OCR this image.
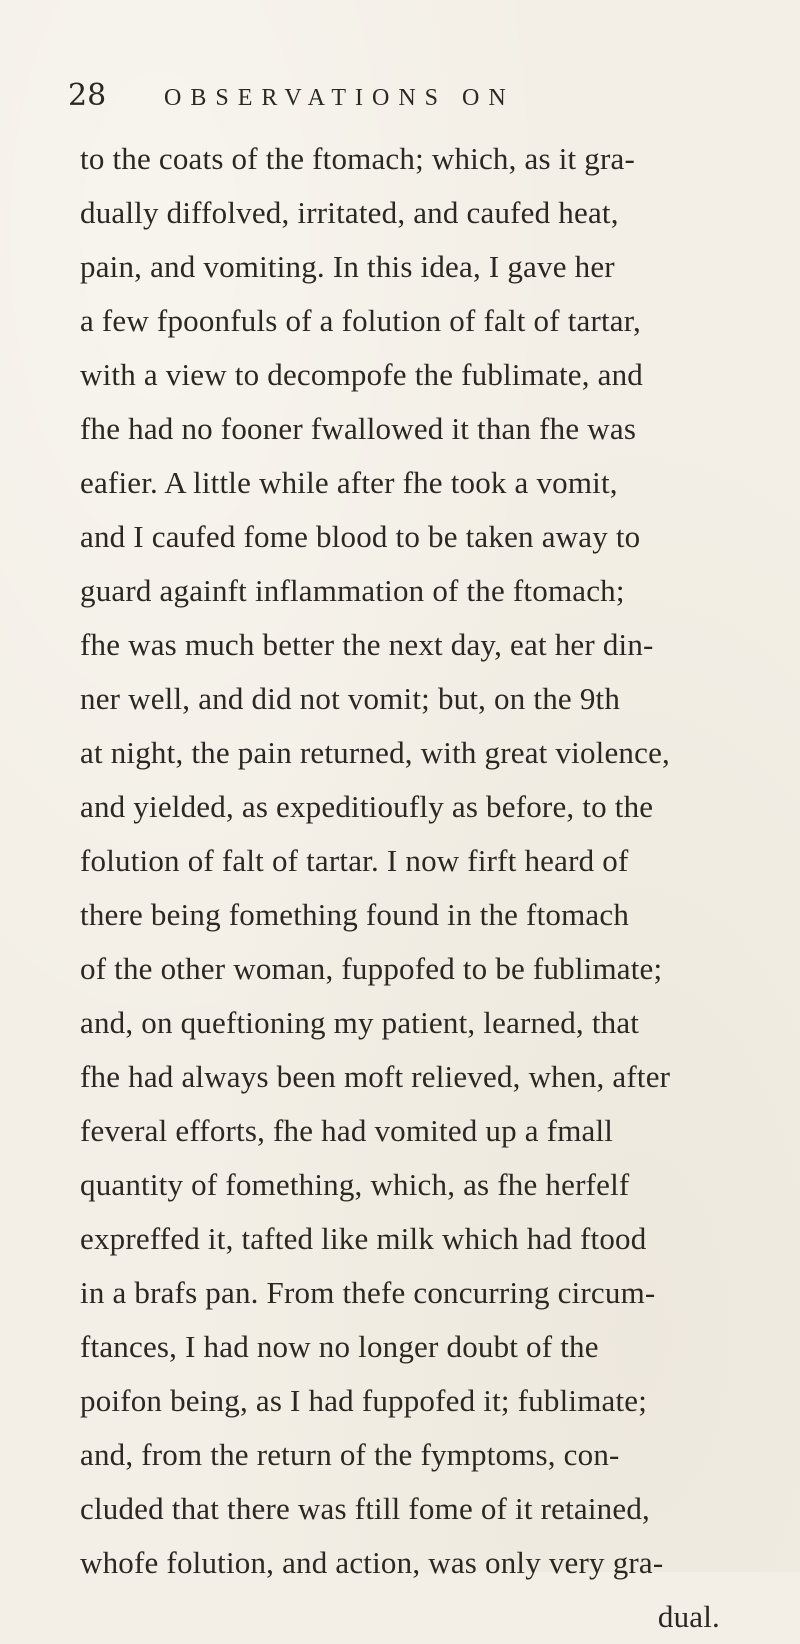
28 OBSERVATIONS ON
to the coats of the ftomach; which, as it gra-
dually diffolved, irritated, and caufed heat,
pain, and vomiting. In this idea, I gave her
a few fpoonfuls of a folution of falt of tartar,
with a view to decompofe the fublimate, and
fhe had no fooner fwallowed it than fhe was
eafier. A little while after fhe took a vomit,
and I caufed fome blood to be taken away to
guard againft inflammation of the ftomach;
fhe was much better the next day, eat her din-
ner well, and did not vomit; but, on the 9th
at night, the pain returned, with great violence,
and yielded, as expeditioufly as before, to the
folution of falt of tartar. I now firft heard of
there being fomething found in the ftomach
of the other woman, fuppofed to be fublimate;
and, on queftioning my patient, learned, that
fhe had always been moft relieved, when, after
feveral efforts, fhe had vomited up a fmall
quantity of fomething, which, as fhe herfelf
expreffed it, tafted like milk which had ftood
in a brafs pan. From thefe concurring circum-
ftances, I had now no longer doubt of the
poifon being, as I had fuppofed it; fublimate;
and, from the return of the fymptoms, con-
cluded that there was ftill fome of it retained,
whofe folution, and action, was only very gra-
dual.
